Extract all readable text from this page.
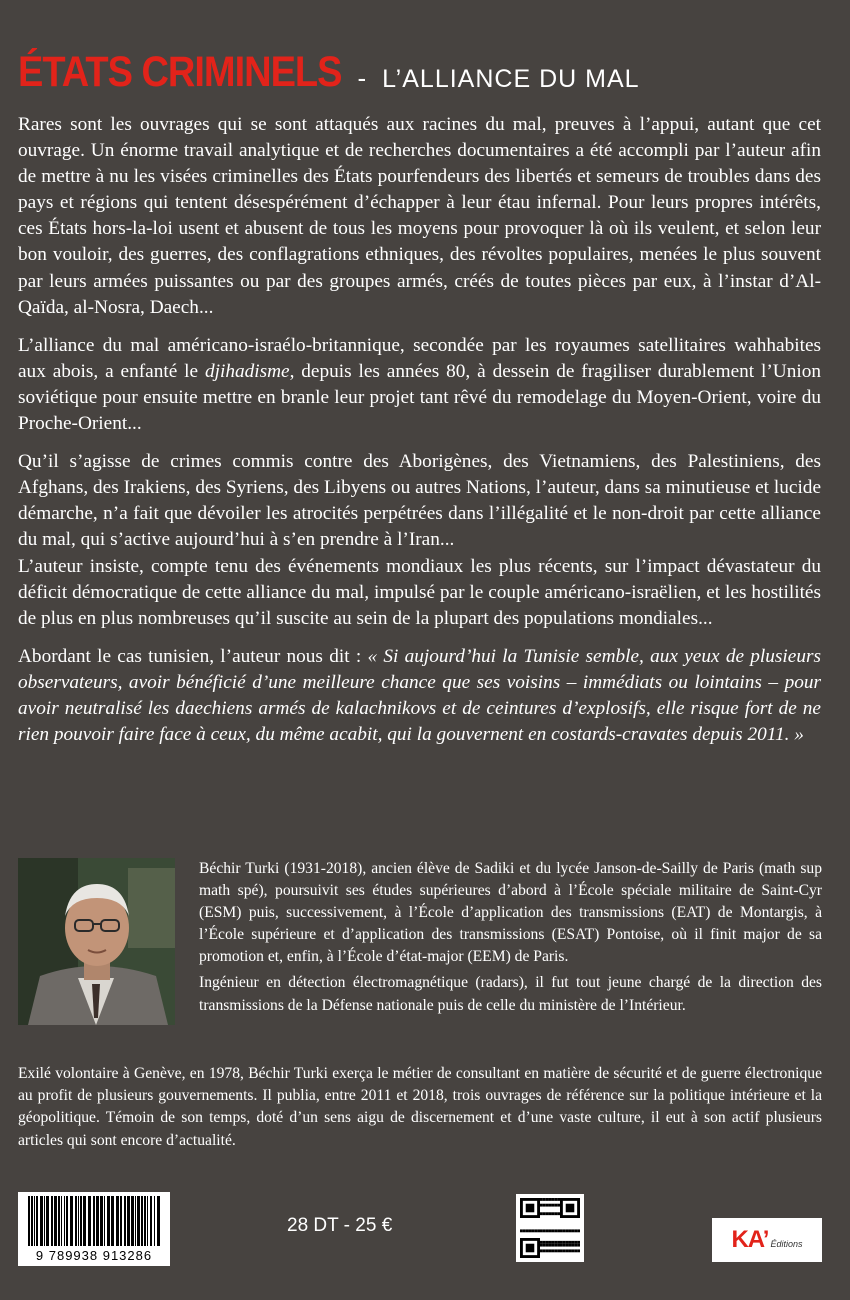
ÉTATS CRIMINELS - L’ALLIANCE DU MAL

Rares sont les ouvrages qui se sont attaqués aux racines du mal, preuves à l’appui, autant que cet ouvrage. Un énorme travail analytique et de recherches documentaires a été accompli par l’auteur afin de mettre à nu les visées criminelles des États pourfendeurs des libertés et semeurs de troubles dans des pays et régions qui tentent désespérément d’échapper à leur étau infernal. Pour leurs propres intérêts, ces États hors-la-loi usent et abusent de tous les moyens pour provoquer là où ils veulent, et selon leur bon vouloir, des guerres, des conflagrations ethniques, des révoltes populaires, menées le plus souvent par leurs armées puissantes ou par des groupes armés, créés de toutes pièces par eux, à l’instar d’Al-Qaïda, al-Nosra, Daech...

L’alliance du mal américano-israélo-britannique, secondée par les royaumes satellitaires wahhabites aux abois, a enfanté le djihadisme, depuis les années 80, à dessein de fragiliser durablement l’Union soviétique pour ensuite mettre en branle leur projet tant rêvé du remodelage du Moyen-Orient, voire du Proche-Orient...

Qu’il s’agisse de crimes commis contre des Aborigènes, des Vietnamiens, des Palestiniens, des Afghans, des Irakiens, des Syriens, des Libyens ou autres Nations, l’auteur, dans sa minutieuse et lucide démarche, n’a fait que dévoiler les atrocités perpétrées dans l’illégalité et le non-droit par cette alliance du mal, qui s’active aujourd’hui à s’en prendre à l’Iran...

L’auteur insiste, compte tenu des événements mondiaux les plus récents, sur l’impact dévastateur du déficit démocratique de cette alliance du mal, impulsé par le couple américano-israëlien, et les hostilités de plus en plus nombreuses qu’il suscite au sein de la plupart des populations mondiales...

Abordant le cas tunisien, l’auteur nous dit : « Si aujourd’hui la Tunisie semble, aux yeux de plusieurs observateurs, avoir bénéficié d’une meilleure chance que ses voisins – immédiats ou lointains – pour avoir neutralisé les daechiens armés de kalachnikovs et de ceintures d’explosifs, elle risque fort de ne rien pouvoir faire face à ceux, du même acabit, qui la gouvernent en costards-cravates depuis 2011. »

Béchir Turki (1931-2018), ancien élève de Sadiki et du lycée Janson-de-Sailly de Paris (math sup math spé), poursuivit ses études supérieures d’abord à l’École spéciale militaire de Saint-Cyr (ESM) puis, successivement, à l’École d’application des transmissions (EAT) de Montargis, à l’École supérieure et d’application des transmissions (ESAT) Pontoise, où il finit major de sa promotion et, enfin, à l’École d’état-major (EEM) de Paris.

Ingénieur en détection électromagnétique (radars), il fut tout jeune chargé de la direction des transmissions de la Défense nationale puis de celle du ministère de l’Intérieur.

Exilé volontaire à Genève, en 1978, Béchir Turki exerça le métier de consultant en matière de sécurité et de guerre électronique au profit de plusieurs gouvernements. Il publia, entre 2011 et 2018, trois ouvrages de référence sur la politique intérieure et la géopolitique. Témoin de son temps, doté d’un sens aigu de discernement et d’une vaste culture, il eut à son actif plusieurs articles qui sont encore d’actualité.

9 789938 913286
28 DT - 25 €
KA’ Éditions
